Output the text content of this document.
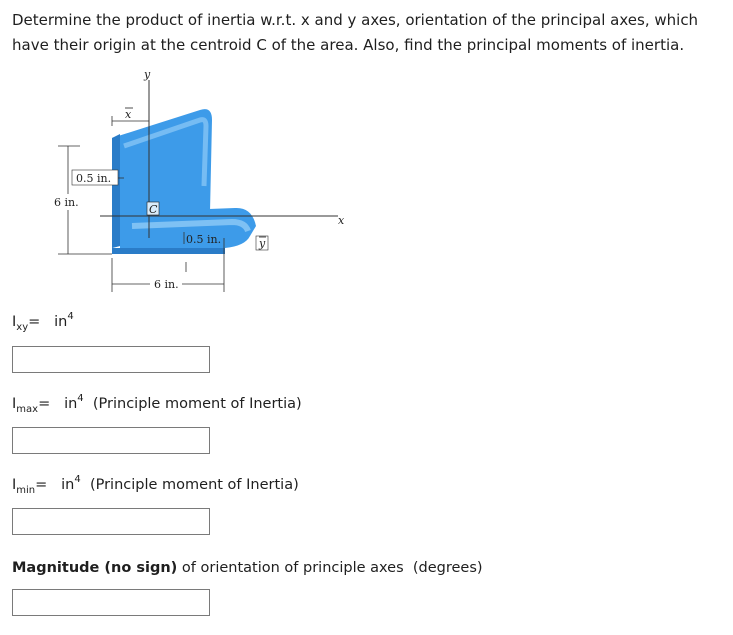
Determine the product of inertia w.r.t. x and y axes, orientation of the principal axes, which have their origin at the centroid C of the area. Also, find the principal moments of inertia.

y
x
C
x
0.5 in.
6 in.
0.5 in.	y
6 in.
$I_{xy}= in^4$
$I_{max}= in^4$ (Principle moment of Inertia)
$I_{min}= in^4$ (Principle moment of Inertia)
Magnitude (no sign) of orientation of principle axes (degrees)
